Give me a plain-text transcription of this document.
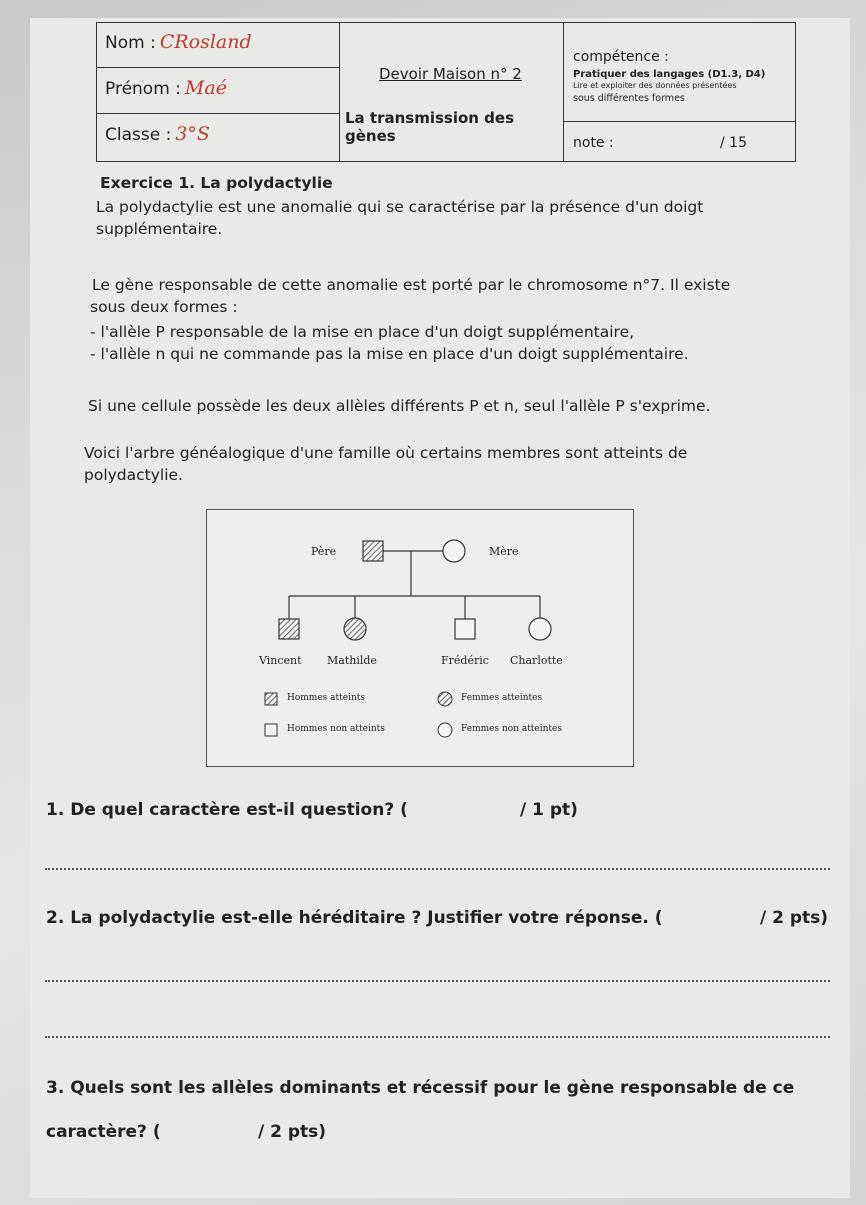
Nom : CRosland
Prénom : Maé
Classe : 3°S
Devoir Maison n° 2
La transmission des gènes
compétence :
Pratiquer des langages (D1.3, D4)
Lire et exploiter des données présentées
sous différentes formes
note :	/ 15
Exercice 1. La polydactylie
La polydactylie est une anomalie qui se caractérise par la présence d'un doigt
supplémentaire.
Le gène responsable de cette anomalie est porté par le chromosome n°7. Il existe
sous deux formes :
- l'allèle P responsable de la mise en place d'un doigt supplémentaire,
- l'allèle n qui ne commande pas la mise en place d'un doigt supplémentaire.
Si une cellule possède les deux allèles différents P et n, seul l'allèle P s'exprime.
Voici l'arbre généalogique d'une famille où certains membres sont atteints de
polydactylie.
Père	Mère
Vincent Mathilde	Frédéric Charlotte
Hommes atteints	Femmes atteintes
Hommes non atteints	Femmes non atteintes
1. De quel caractère est-il question? (	/ 1 pt)
2. La polydactylie est-elle héréditaire ? Justifier votre réponse. (	/ 2 pts)
3. Quels sont les allèles dominants et récessif pour le gène responsable de ce
caractère? (	/ 2 pts)
